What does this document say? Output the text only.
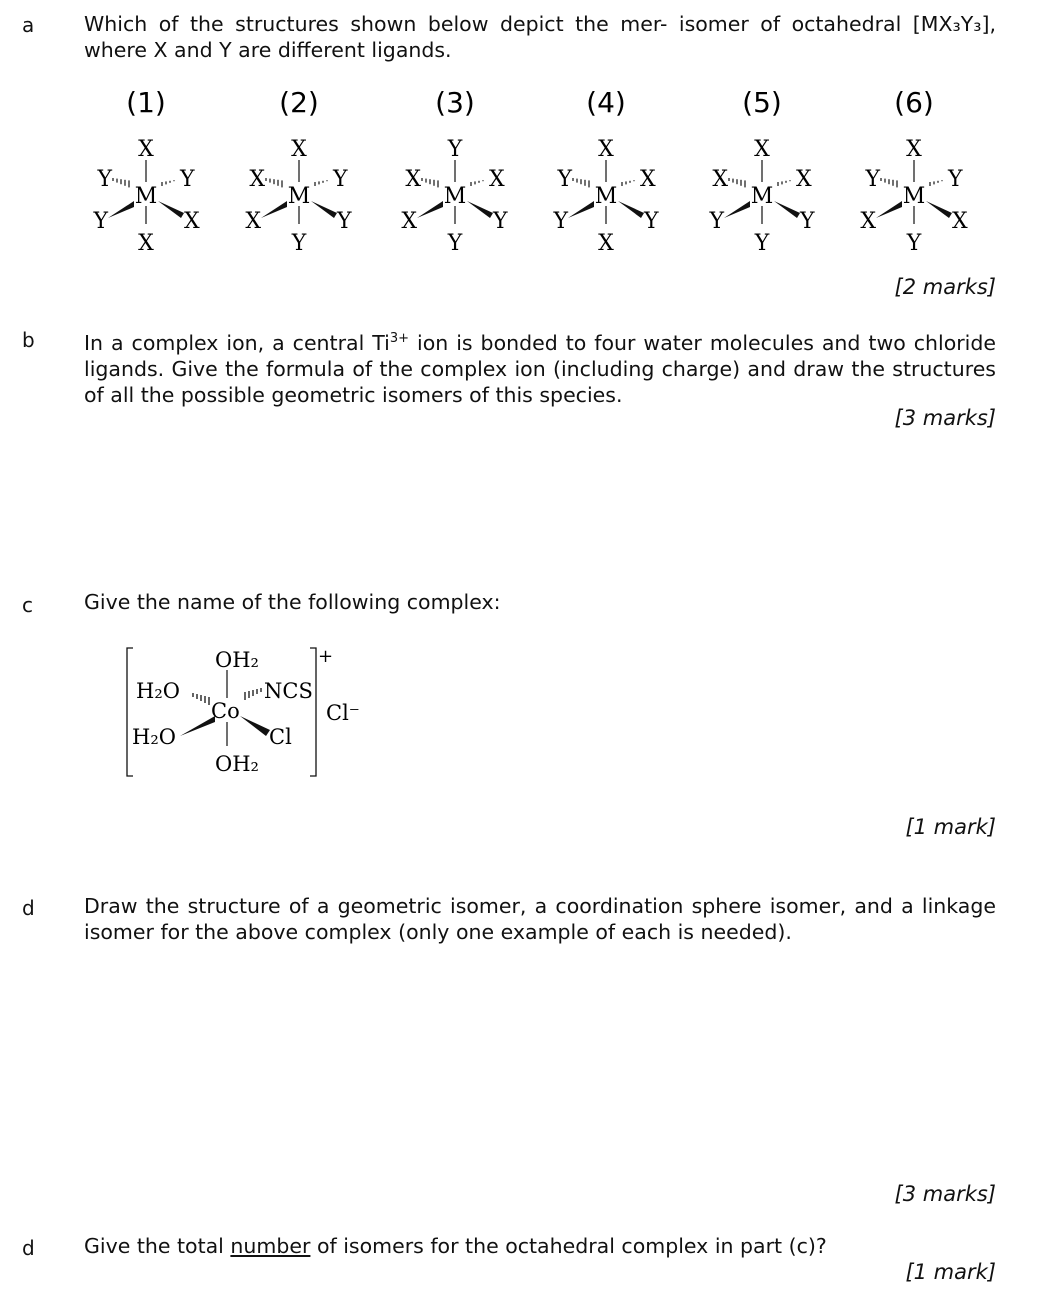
a Which of the structures shown below depict the mer- isomer of octahedral [MX₃Y₃], where X and Y are different ligands.
(1)
X
X
M
Y	Y
Y	X
(2)
X
Y
M
X	Y
X	Y
(3)
Y
Y
M
X	X
X	Y
(4)
X
X
M
Y	X
Y	Y
(5)
X
Y
M
X	X
Y	Y
(6)
X
Y
M
Y	Y
X	X
[2 marks]
b In a complex ion, a central $Ti^{3+}$ ion is bonded to four water molecules and two chloride ligands. Give the formula of the complex ion (including charge) and draw the structures of all the possible geometric isomers of this species.
[3 marks]
c Give the name of the following complex:
OH₂
OH₂
H₂O
H₂O
NCS
Cl
Co
+
Cl⁻
[1 mark]
d Draw the structure of a geometric isomer, a coordination sphere isomer, and a linkage isomer for the above complex (only one example of each is needed).
[3 marks]
d Give the total number of isomers for the octahedral complex in part (c)?
[1 mark]
